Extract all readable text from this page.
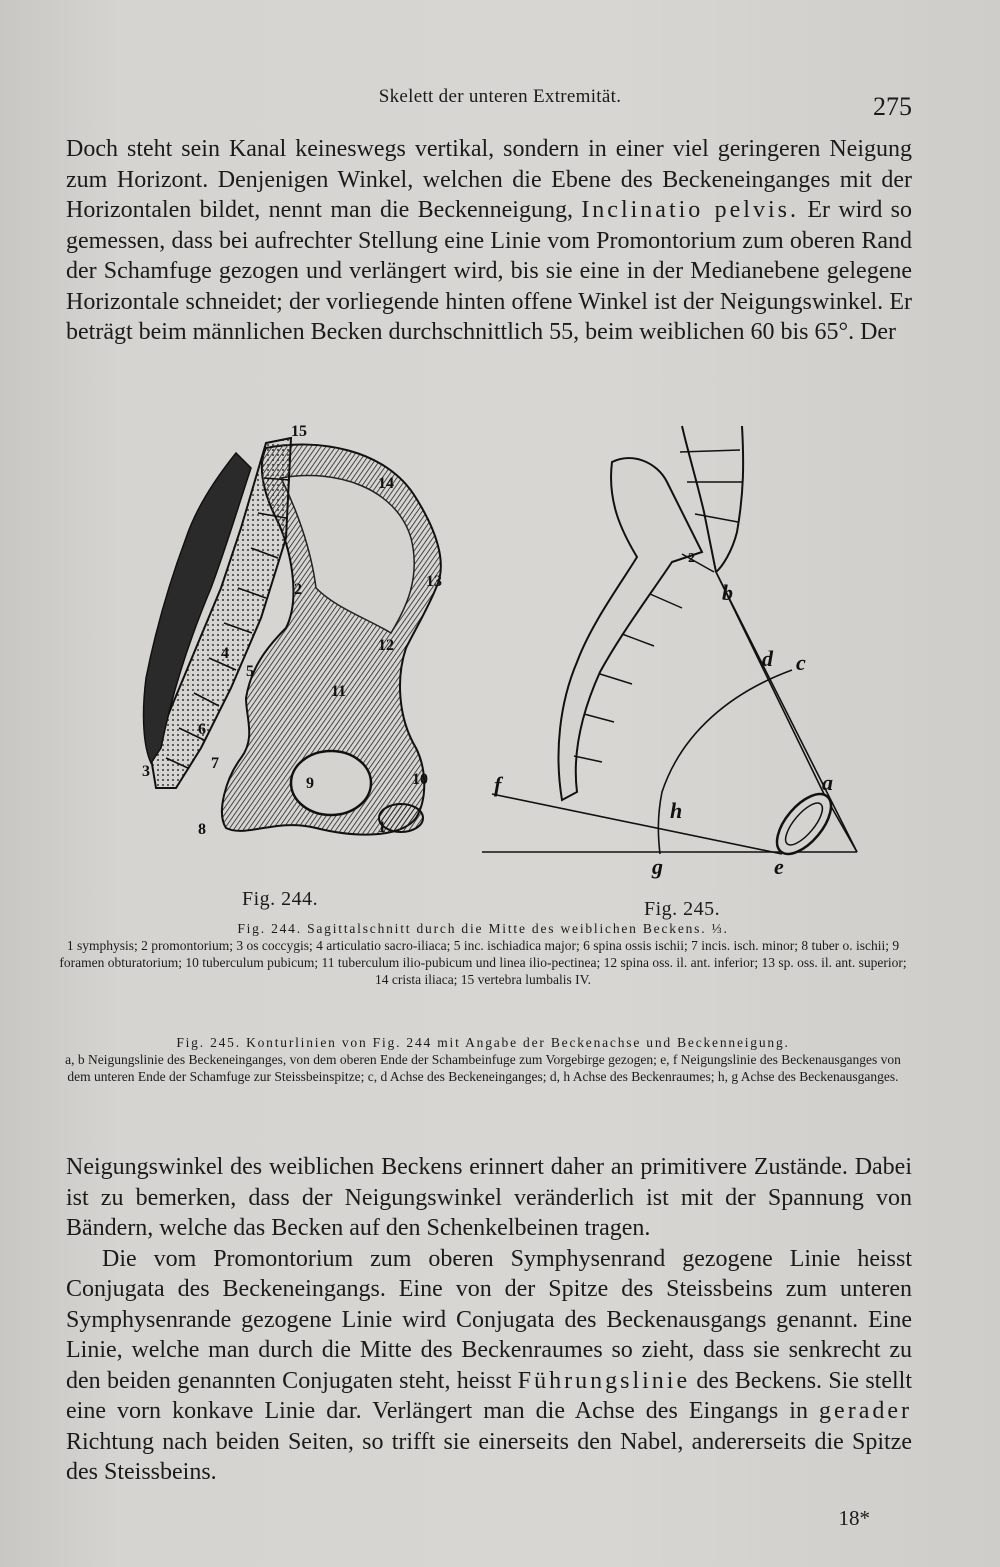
Skelett der unteren Extremität.	275

Doch steht sein Kanal keineswegs vertikal, sondern in einer viel geringeren Neigung zum Horizont. Denjenigen Winkel, welchen die Ebene des Beckeneinganges mit der Horizontalen bildet, nennt man die Beckenneigung, Inclinatio pelvis. Er wird so gemessen, dass bei aufrechter Stellung eine Linie vom Promontorium zum oberen Rand der Schamfuge gezogen und verlängert wird, bis sie eine in der Medianebene gelegene Horizontale schneidet; der vorliegende hinten offene Winkel ist der Neigungswinkel. Er beträgt beim männlichen Becken durchschnittlich 55, beim weiblichen 60 bis 65°. Der

15
14
13
12
11
10
9
8
7
6
5
4
3
2
1
b
d c
a
f
h
g	e
2
Fig. 244.	Fig. 245.

Fig. 244. Sagittalschnitt durch die Mitte des weiblichen Beckens. ⅓.

1 symphysis; 2 promontorium; 3 os coccygis; 4 articulatio sacro-iliaca; 5 inc. ischiadica major; 6 spina ossis ischii; 7 incis. isch. minor; 8 tuber o. ischii; 9 foramen obturatorium; 10 tuberculum pubicum; 11 tuberculum ilio-pubicum und linea ilio-pectinea; 12 spina oss. il. ant. inferior; 13 sp. oss. il. ant. superior; 14 crista iliaca; 15 vertebra lumbalis IV.

Fig. 245. Konturlinien von Fig. 244 mit Angabe der Beckenachse und Beckenneigung.

a, b Neigungslinie des Beckeneinganges, von dem oberen Ende der Schambeinfuge zum Vorgebirge gezogen; e, f Neigungslinie des Beckenausganges von dem unteren Ende der Schamfuge zur Steissbeinspitze; c, d Achse des Beckeneinganges; d, h Achse des Beckenraumes; h, g Achse des Beckenausganges.

Neigungswinkel des weiblichen Beckens erinnert daher an primitivere Zustände. Dabei ist zu bemerken, dass der Neigungswinkel veränderlich ist mit der Spannung von Bändern, welche das Becken auf den Schenkelbeinen tragen.

Die vom Promontorium zum oberen Symphysenrand gezogene Linie heisst Conjugata des Beckeneingangs. Eine von der Spitze des Steissbeins zum unteren Symphysenrande gezogene Linie wird Conjugata des Beckenausgangs genannt. Eine Linie, welche man durch die Mitte des Beckenraumes so zieht, dass sie senkrecht zu den beiden genannten Conjugaten steht, heisst Führungslinie des Beckens. Sie stellt eine vorn konkave Linie dar. Verlängert man die Achse des Eingangs in gerader Richtung nach beiden Seiten, so trifft sie einerseits den Nabel, andererseits die Spitze des Steissbeins.

18*
